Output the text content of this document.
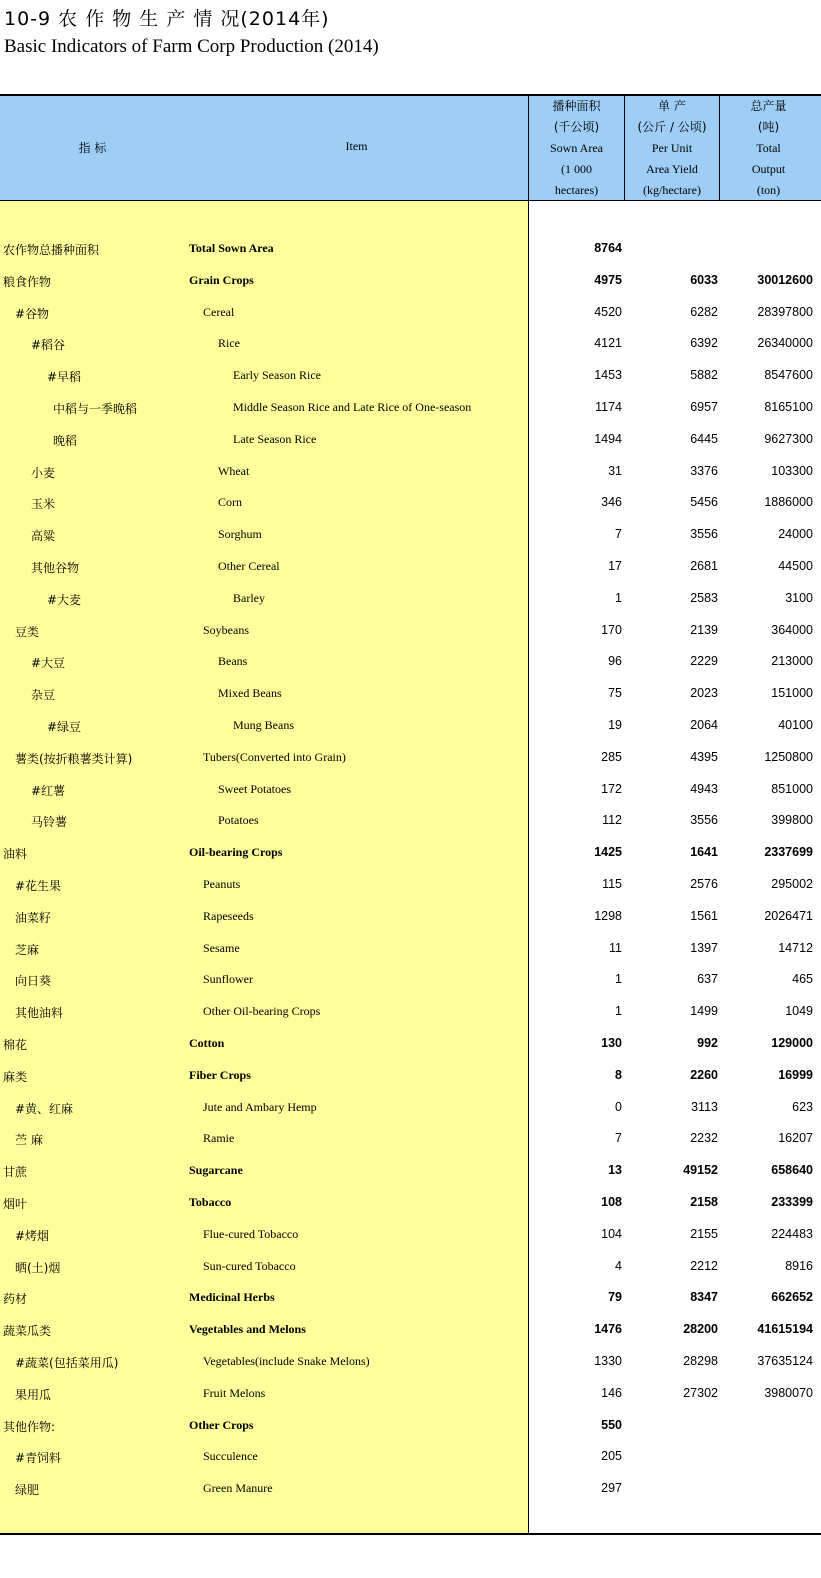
10-9 农 作 物 生 产 情 况(2014年)
Basic Indicators of Farm Corp Production (2014)
指 标	Item
播种面积
(千公顷)
Sown Area
(1 000
hectares)
单 产
(公斤 / 公顷)
Per Unit
Area Yield
(kg/hectare)
总产量
(吨)
Total
Output
(ton)
农作物总播种面积	Total Sown Area	8764
粮食作物	Grain Crops	4975	6033	30012600
#谷物	Cereal	4520	6282	28397800
#稻谷	Rice	4121	6392	26340000
#早稻	Early Season Rice	1453	5882	8547600
中稻与一季晚稻	Middle Season Rice and Late Rice of One-season	1174	6957	8165100
晚稻	Late Season Rice	1494	6445	9627300
小麦	Wheat	31	3376	103300
玉米	Corn	346	5456	1886000
高粱	Sorghum	7	3556	24000
其他谷物	Other Cereal	17	2681	44500
#大麦	Barley	1	2583	3100
豆类	Soybeans	170	2139	364000
#大豆	Beans	96	2229	213000
杂豆	Mixed Beans	75	2023	151000
#绿豆	Mung Beans	19	2064	40100
薯类(按折粮薯类计算)	Tubers(Converted into Grain)	285	4395	1250800
#红薯	Sweet Potatoes	172	4943	851000
马铃薯	Potatoes	112	3556	399800
油料	Oil-bearing Crops	1425	1641	2337699
#花生果	Peanuts	115	2576	295002
油菜籽	Rapeseeds	1298	1561	2026471
芝麻	Sesame	11	1397	14712
向日葵	Sunflower	1	637	465
其他油料	Other Oil-bearing Crops	1	1499	1049
棉花	Cotton	130	992	129000
麻类	Fiber Crops	8	2260	16999
#黄、红麻	Jute and Ambary Hemp	0	3113	623
苎 麻	Ramie	7	2232	16207
甘蔗	Sugarcane	13	49152	658640
烟叶	Tobacco	108	2158	233399
#烤烟	Flue-cured Tobacco	104	2155	224483
晒(土)烟	Sun-cured Tobacco	4	2212	8916
药材	Medicinal Herbs	79	8347	662652
蔬菜瓜类	Vegetables and Melons	1476	28200	41615194
#蔬菜(包括菜用瓜)	Vegetables(include Snake Melons)	1330	28298	37635124
果用瓜	Fruit Melons	146	27302	3980070
其他作物:	Other Crops	550
#青饲料	Succulence	205
绿肥	Green Manure	297
